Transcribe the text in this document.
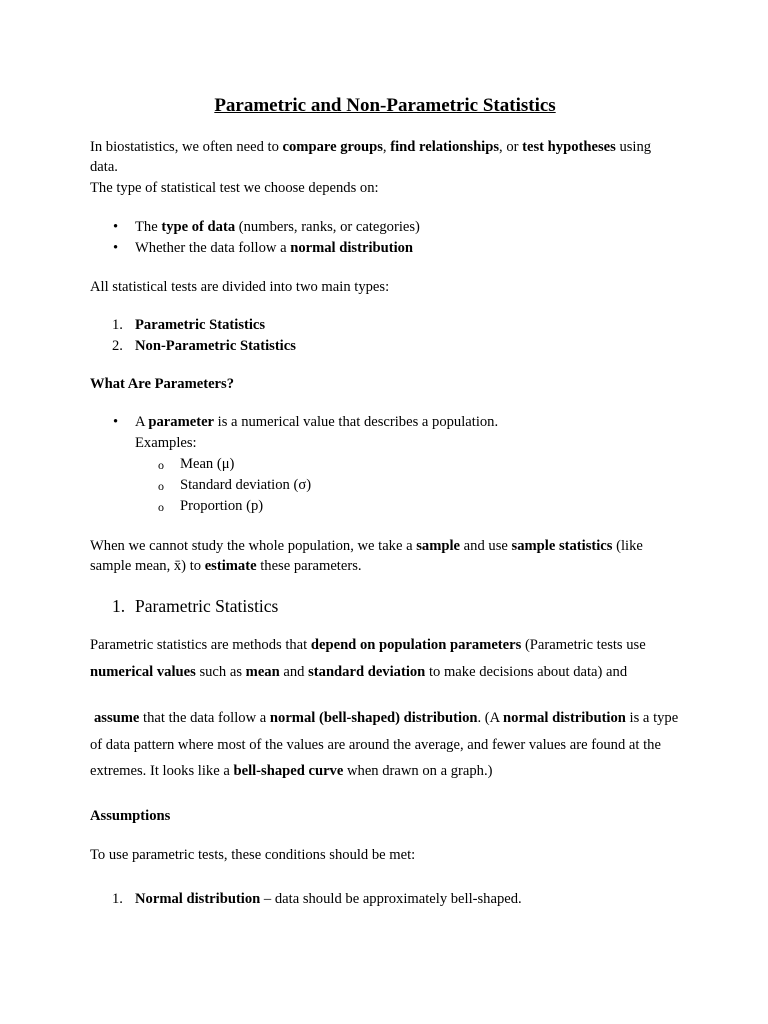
Parametric and Non-Parametric Statistics

In biostatistics, we often need to compare groups, find relationships, or test hypotheses using data.

The type of statistical test we choose depends on:

• The type of data (numbers, ranks, or categories)
• Whether the data follow a normal distribution

All statistical tests are divided into two main types:

1. Parametric Statistics
2. Non-Parametric Statistics

What Are Parameters?

• A parameter is a numerical value that describes a population.
Examples:
o Mean (μ)
o Standard deviation (σ)
o Proportion (p)

When we cannot study the whole population, we take a sample and use sample statistics (like sample mean, x̄) to estimate these parameters.

1. Parametric Statistics

Parametric statistics are methods that depend on population parameters (Parametric tests use numerical values such as mean and standard deviation to make decisions about data) and

assume that the data follow a normal (bell-shaped) distribution. (A normal distribution is a type of data pattern where most of the values are around the average, and fewer values are found at the extremes. It looks like a bell-shaped curve when drawn on a graph.)

Assumptions

To use parametric tests, these conditions should be met:

1. Normal distribution – data should be approximately bell-shaped.
